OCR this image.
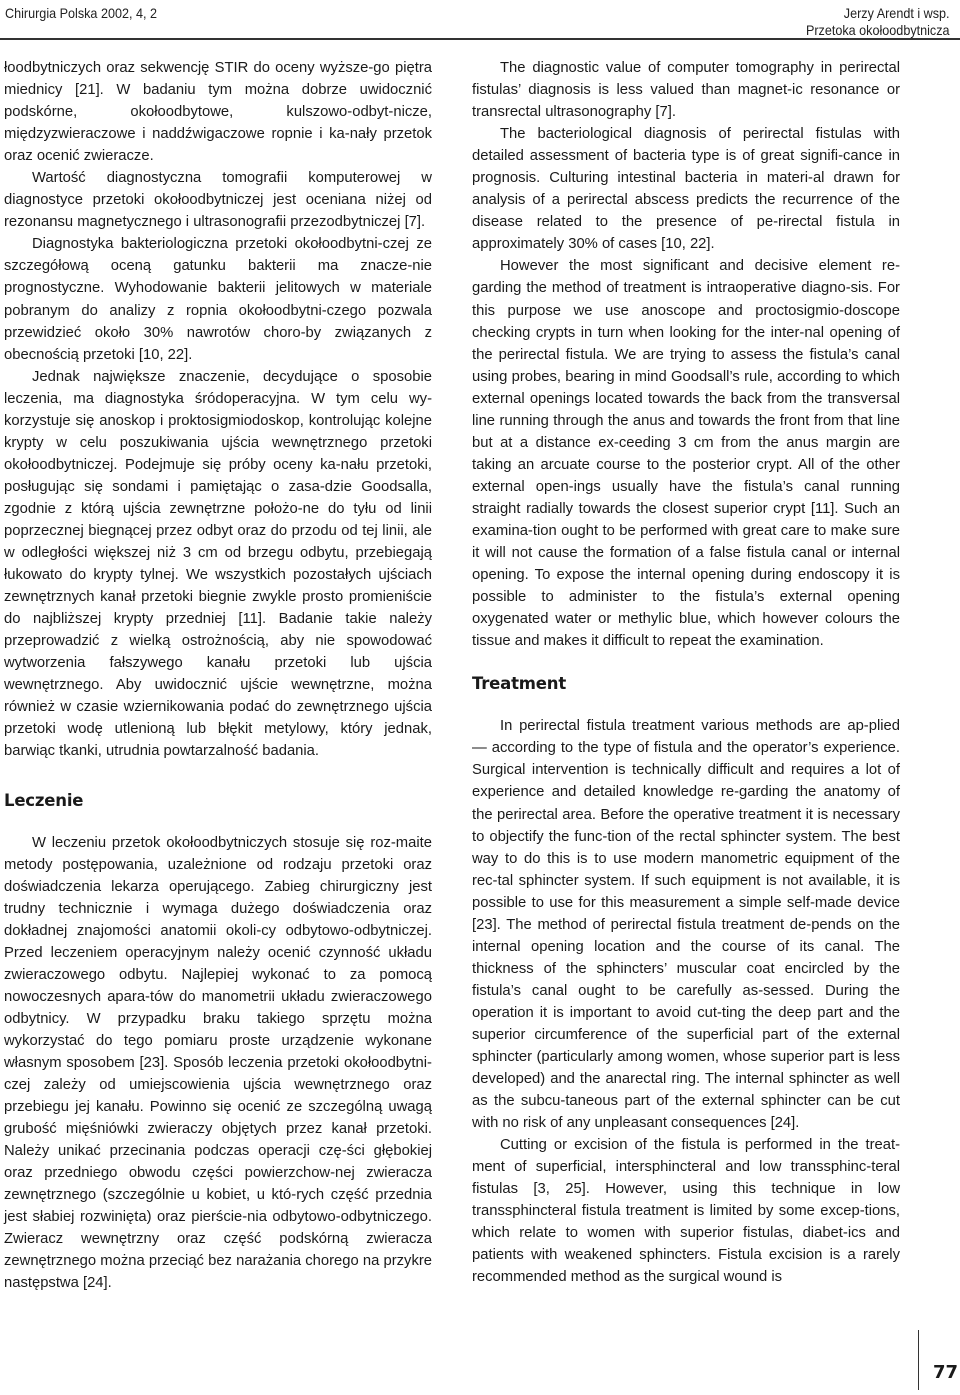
Chirurgia Polska 2002, 4, 2	Jerzy Arendt i wsp.
Przetoka okołoodbytnicza

łoodbytniczych oraz sekwencję STIR do oceny wyższe-go piętra miednicy [21]. W badaniu tym można dobrze uwidocznić podskórne, okołoodbytowe, kulszowo-odbyt-nicze, międzyzwieraczowe i naddźwigaczowe ropnie i ka-nały przetok oraz ocenić zwieracze.

Wartość diagnostyczna tomografii komputerowej w diagnostyce przetoki okołoodbytniczej jest oceniana niżej od rezonansu magnetycznego i ultrasonografii przezodbytniczej [7].

Diagnostyka bakteriologiczna przetoki okołoodbytni-czej ze szczegółową oceną gatunku bakterii ma znacze-nie prognostyczne. Wyhodowanie bakterii jelitowych w materiale pobranym do analizy z ropnia okołoodbytni-czego pozwala przewidzieć około 30% nawrotów choro-by związanych z obecnością przetoki [10, 22].

Jednak największe znaczenie, decydujące o sposobie leczenia, ma diagnostyka śródoperacyjna. W tym celu wy-korzystuje się anoskop i proktosigmiodoskop, kontrolując kolejne krypty w celu poszukiwania ujścia wewnętrznego przetoki okołoodbytniczej. Podejmuje się próby oceny ka-nału przetoki, posługując się sondami i pamiętając o zasa-dzie Goodsalla, zgodnie z którą ujścia zewnętrzne położo-ne do tyłu od linii poprzecznej biegnącej przez odbyt oraz do przodu od tej linii, ale w odległości większej niż 3 cm od brzegu odbytu, przebiegają łukowato do krypty tylnej. We wszystkich pozostałych ujściach zewnętrznych kanał przetoki biegnie zwykle prosto promieniście do najbliższej krypty przedniej [11]. Badanie takie należy przeprowadzić z wielką ostrożnością, aby nie spowodować wytworzenia fałszywego kanału przetoki lub ujścia wewnętrznego. Aby uwidocznić ujście wewnętrzne, można również w czasie wziernikowania podać do zewnętrznego ujścia przetoki wodę utlenioną lub błękit metylowy, który jednak, barwiąc tkanki, utrudnia powtarzalność badania.

Leczenie

W leczeniu przetok okołoodbytniczych stosuje się roz-maite metody postępowania, uzależnione od rodzaju przetoki oraz doświadczenia lekarza operującego. Zabieg chirurgiczny jest trudny technicznie i wymaga dużego doświadczenia oraz dokładnej znajomości anatomii okoli-cy odbytowo-odbytniczej. Przed leczeniem operacyjnym należy ocenić czynność układu zwieraczowego odbytu. Najlepiej wykonać to za pomocą nowoczesnych apara-tów do manometrii układu zwieraczowego odbytnicy. W przypadku braku takiego sprzętu można wykorzystać do tego pomiaru proste urządzenie wykonane własnym sposobem [23]. Sposób leczenia przetoki okołoodbytni-czej zależy od umiejscowienia ujścia wewnętrznego oraz przebiegu jej kanału. Powinno się ocenić ze szczególną uwagą grubość mięśniówki zwieraczy objętych przez kanał przetoki. Należy unikać przecinania podczas operacji czę-ści głębokiej oraz przedniego obwodu części powierzchow-nej zwieracza zewnętrznego (szczególnie u kobiet, u któ-rych część przednia jest słabiej rozwinięta) oraz pierście-nia odbytowo-odbytniczego. Zwieracz wewnętrzny oraz część podskórną zwieracza zewnętrznego można przeciąć bez narażania chorego na przykre następstwa [24].

The diagnostic value of computer tomography in perirectal fistulas’ diagnosis is less valued than magnet-ic resonance or transrectal ultrasonography [7].

The bacteriological diagnosis of perirectal fistulas with detailed assessment of bacteria type is of great signifi-cance in prognosis. Culturing intestinal bacteria in materi-al drawn for analysis of a perirectal abscess predicts the recurrence of the disease related to the presence of pe-rirectal fistula in approximately 30% of cases [10, 22].

However the most significant and decisive element re-garding the method of treatment is intraoperative diagno-sis. For this purpose we use anoscope and proctosigmio-doscope checking crypts in turn when looking for the inter-nal opening of the perirectal fistula. We are trying to assess the fistula’s canal using probes, bearing in mind Goodsall’s rule, according to which external openings located towards the back from the transversal line running through the anus and towards the front from that line but at a distance ex-ceeding 3 cm from the anus margin are taking an arcuate course to the posterior crypt. All of the other external open-ings usually have the fistula’s canal running straight radially towards the closest superior crypt [11]. Such an examina-tion ought to be performed with great care to make sure it will not cause the formation of a false fistula canal or internal opening. To expose the internal opening during endoscopy it is possible to administer to the fistula’s external opening oxygenated water or methylic blue, which however colours the tissue and makes it difficult to repeat the examination.

Treatment

In perirectal fistula treatment various methods are ap-plied — according to the type of fistula and the operator’s experience. Surgical intervention is technically difficult and requires a lot of experience and detailed knowledge re-garding the anatomy of the perirectal area. Before the operative treatment it is necessary to objectify the func-tion of the rectal sphincter system. The best way to do this is to use modern manometric equipment of the rec-tal sphincter system. If such equipment is not available, it is possible to use for this measurement a simple self-made device [23]. The method of perirectal fistula treatment de-pends on the internal opening location and the course of its canal. The thickness of the sphincters’ muscular coat encircled by the fistula’s canal ought to be carefully as-sessed. During the operation it is important to avoid cut-ting the deep part and the superior circumference of the superficial part of the external sphincter (particularly among women, whose superior part is less developed) and the anarectal ring. The internal sphincter as well as the subcu-taneous part of the external sphincter can be cut with no risk of any unpleasant consequences [24].

Cutting or excision of the fistula is performed in the treat-ment of superficial, intersphincteral and low transsphinc-teral fistulas [3, 25]. However, using this technique in low transsphincteral fistula treatment is limited by some excep-tions, which relate to women with superior fistulas, diabet-ics and patients with weakened sphincters. Fistula excision is a rarely recommended method as the surgical wound is

77
